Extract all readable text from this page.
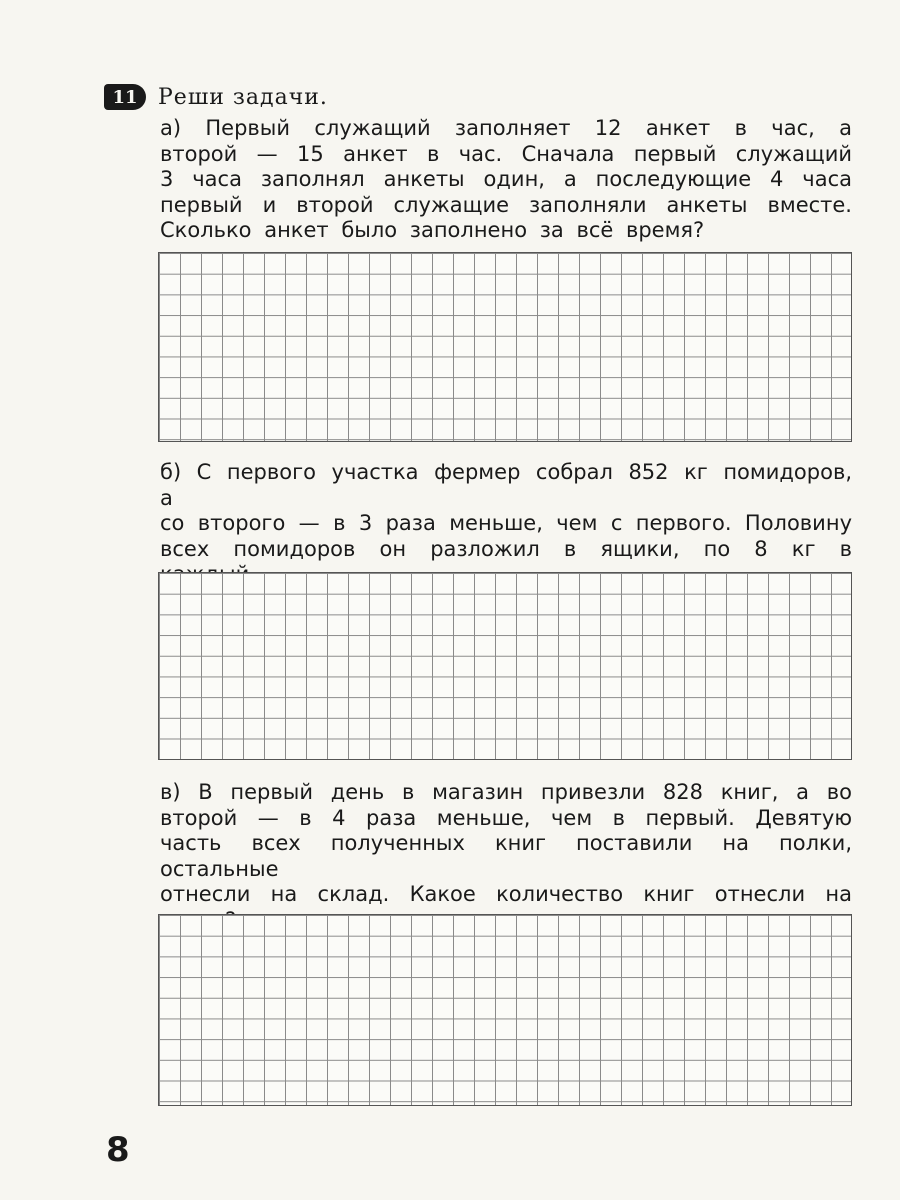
11 Реши задачи.
а) Первый служащий заполняет 12 анкет в час, а
второй — 15 анкет в час. Сначала первый служащий
3 часа заполнял анкеты один, а последующие 4 часа
первый и второй служащие заполняли анкеты вместе.
Сколько анкет было заполнено за всё время?
б) С первого участка фермер собрал 852 кг помидоров, а
со второго — в 3 раза меньше, чем с первого. Половину
всех помидоров он разложил в ящики, по 8 кг в
в) В первый день в магазин привезли 828 книг, а во
второй — в 4 раза меньше, чем в первый. Девятую
часть всех полученных книг поставили на полки, остальные
отнесли на склад. Какое количество книг отнесли на
8
